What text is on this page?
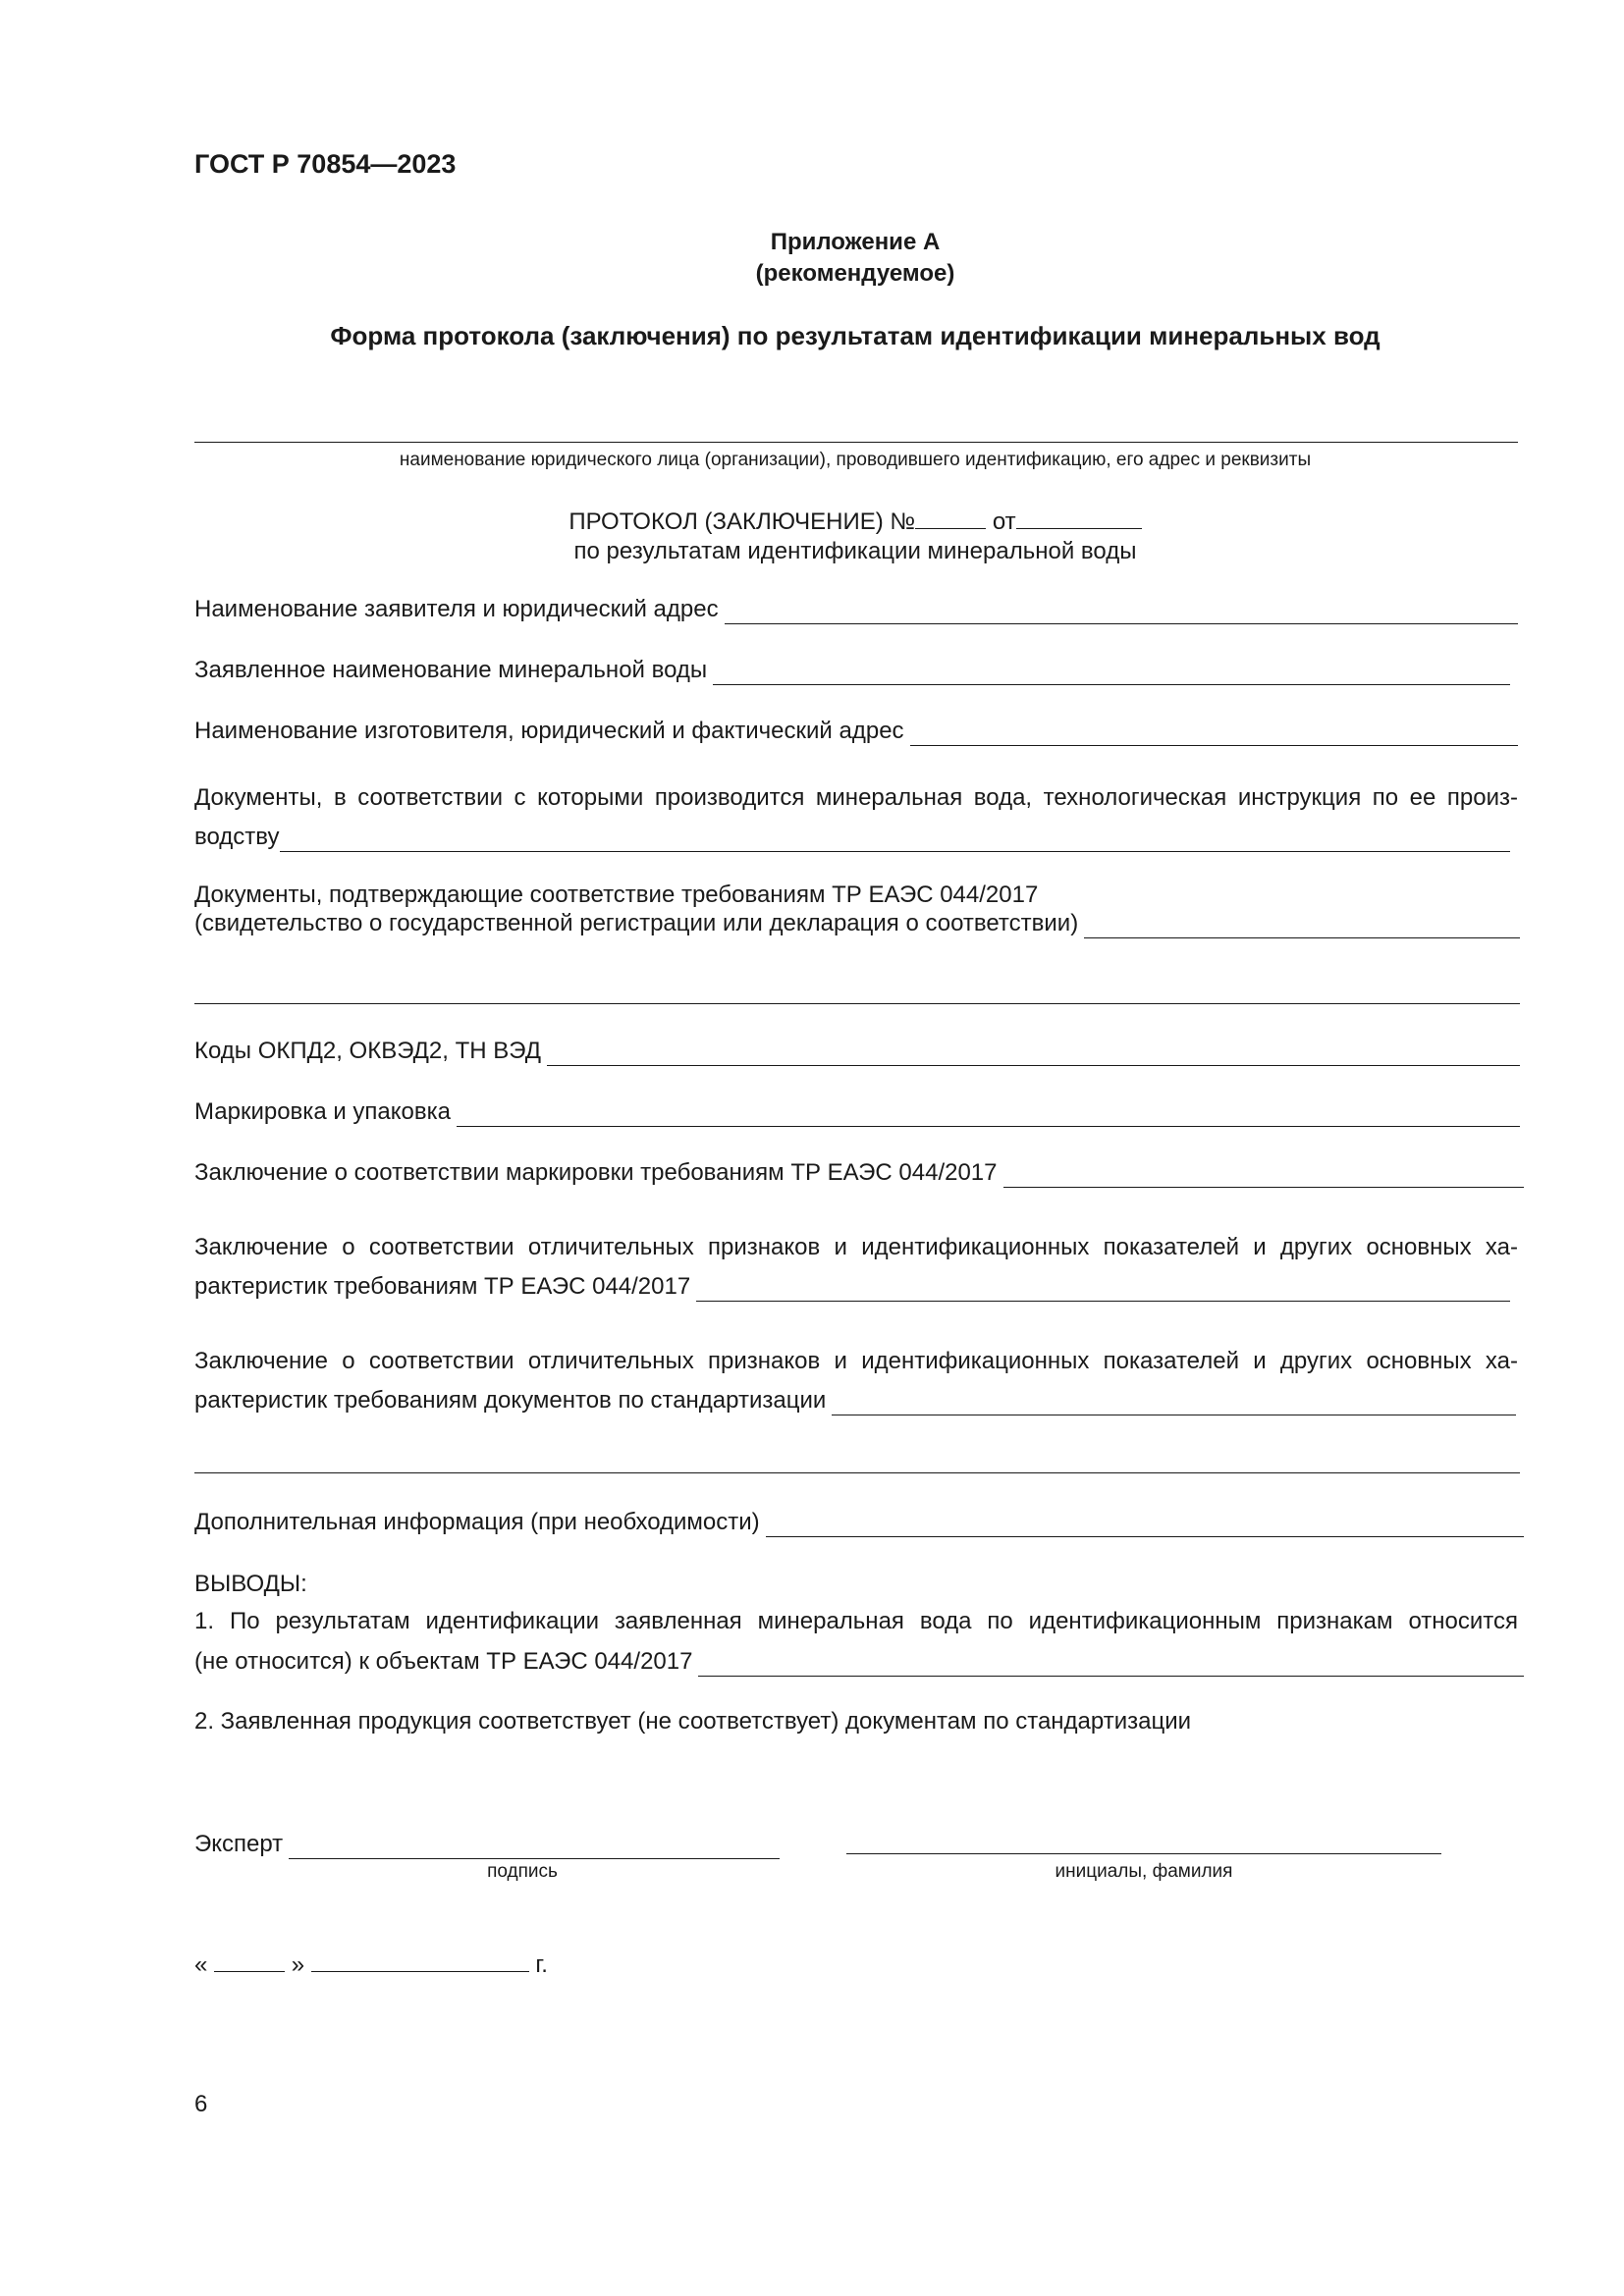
ГОСТ Р 70854—2023
Приложение А
(рекомендуемое)
Форма протокола (заключения) по результатам идентификации минеральных вод
наименование юридического лица (организации), проводившего идентификацию, его адрес и реквизиты
ПРОТОКОЛ (ЗАКЛЮЧЕНИЕ) №	от
по результатам идентификации минеральной воды
Наименование заявителя и юридический адрес
Заявленное наименование минеральной воды
Наименование изготовителя, юридический и фактический адрес
Документы, в соответствии с которыми производится минеральная вода, технологическая инструкция по ее произ-
водству
Документы, подтверждающие соответствие требованиям ТР ЕАЭС 044/2017
(свидетельство о государственной регистрации или декларация о соответствии)
Коды ОКПД2, ОКВЭД2, ТН ВЭД
Маркировка и упаковка
Заключение о соответствии маркировки требованиям ТР ЕАЭС 044/2017
Заключение о соответствии отличительных признаков и идентификационных показателей и других основных ха-
рактеристик требованиям ТР ЕАЭС 044/2017
Заключение о соответствии отличительных признаков и идентификационных показателей и других основных ха-
рактеристик требованиям документов по стандартизации
Дополнительная информация (при необходимости)
ВЫВОДЫ:
1. По результатам идентификации заявленная минеральная вода по идентификационным признакам относится
(не относится) к объектам ТР ЕАЭС 044/2017
2. Заявленная продукция соответствует (не соответствует) документам по стандартизации
Эксперт
подпись	инициалы, фамилия
«	»	г.
6
